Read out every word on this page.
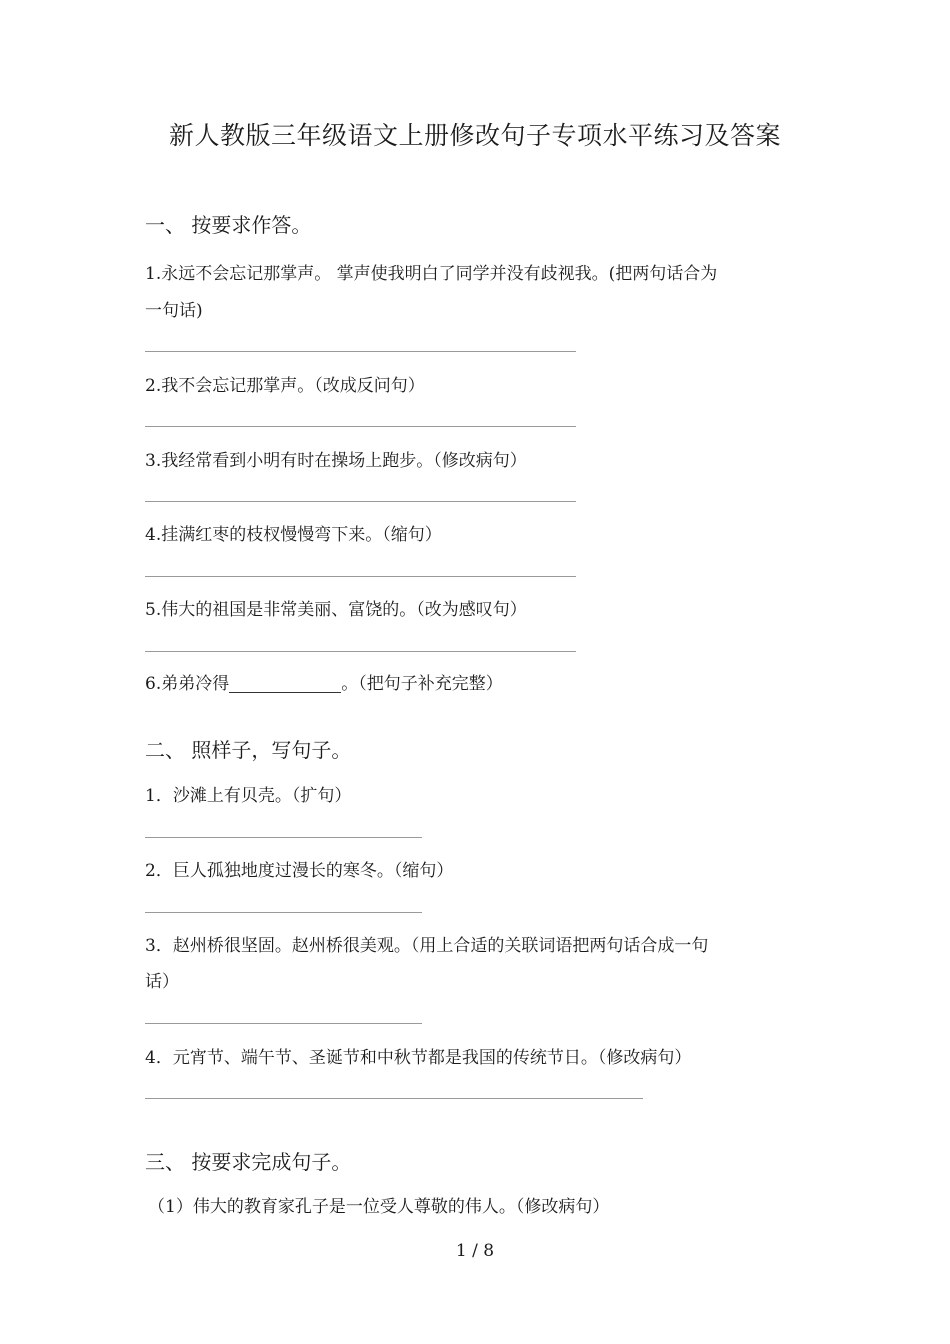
新人教版三年级语文上册修改句子专项水平练习及答案
一、 按要求作答。
1.永远不会忘记那掌声。 掌声使我明白了同学并没有歧视我。(把两句话合为
一句话)
2.我不会忘记那掌声。（改成反问句）
3.我经常看到小明有时在操场上跑步。（修改病句）
4.挂满红枣的枝杈慢慢弯下来。（缩句）
5.伟大的祖国是非常美丽、富饶的。（改为感叹句）
6.弟弟冷得	。（把句子补充完整）
二、 照样子，写句子。
1．沙滩上有贝壳。（扩句）
2．巨人孤独地度过漫长的寒冬。（缩句）
3．赵州桥很坚固。赵州桥很美观。（用上合适的关联词语把两句话合成一句
话）
4．元宵节、端午节、圣诞节和中秋节都是我国的传统节日。（修改病句）
三、 按要求完成句子。
（1）伟大的教育家孔子是一位受人尊敬的伟人。（修改病句）
1 / 8
